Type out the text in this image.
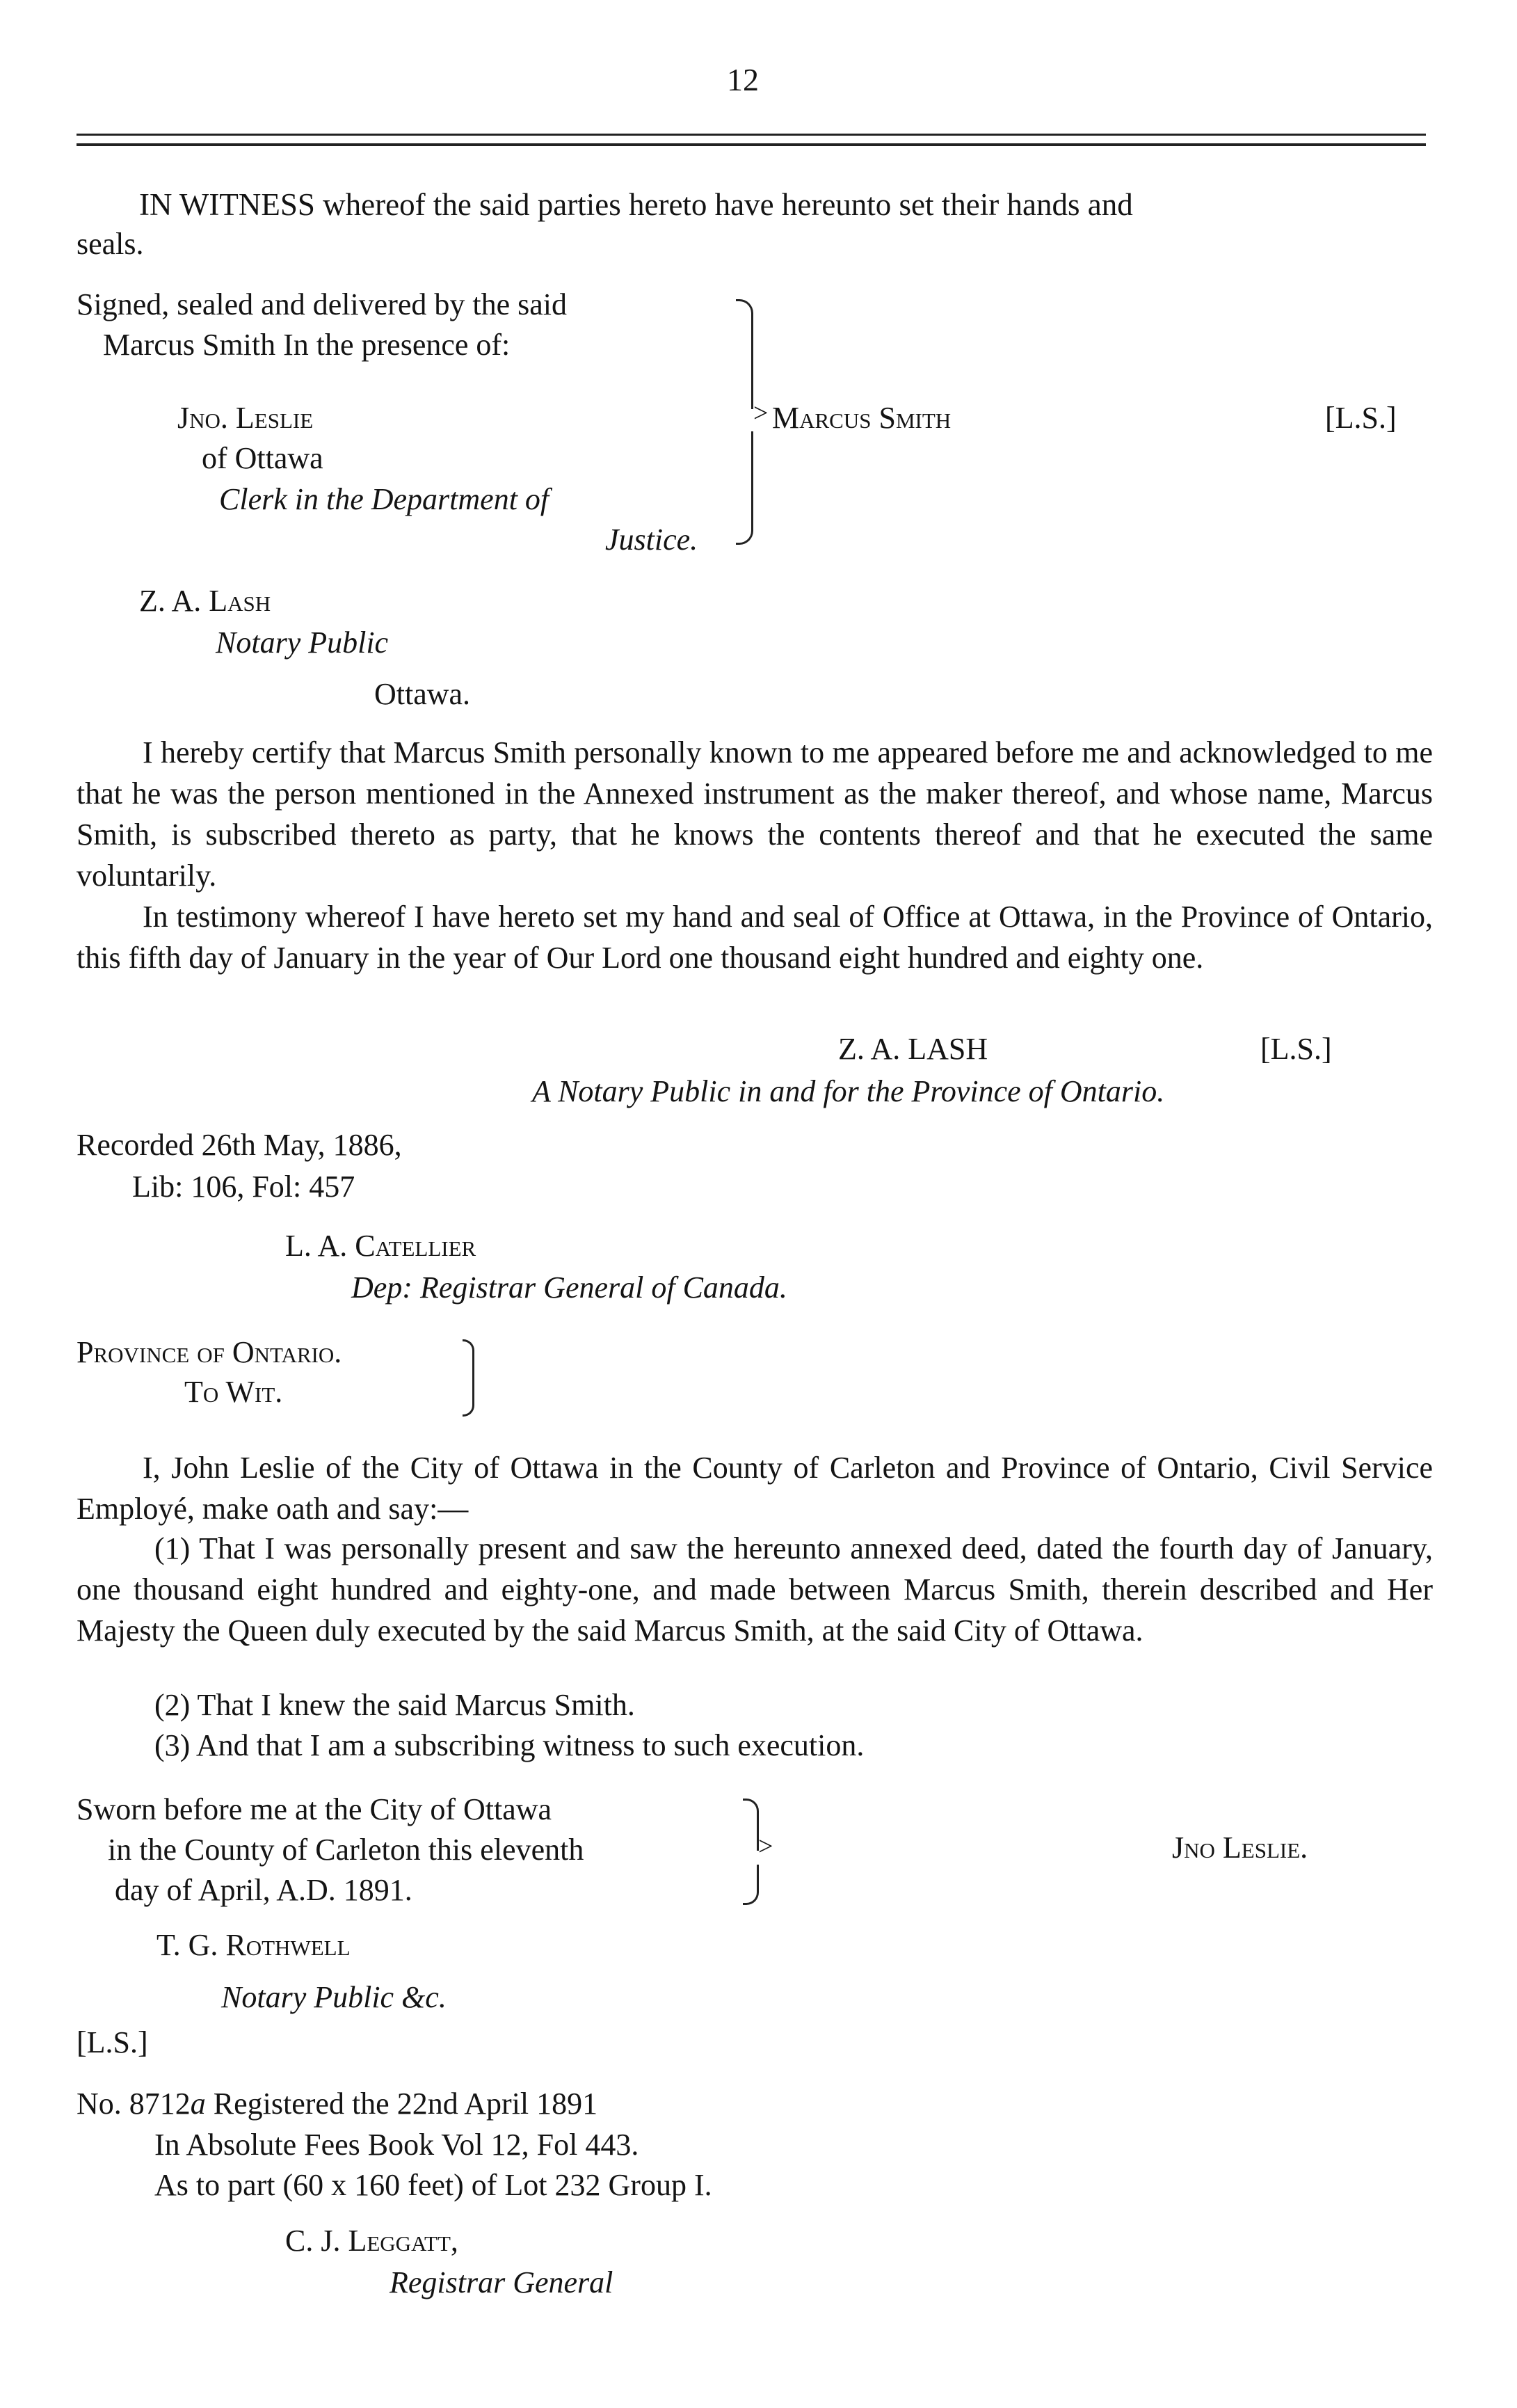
12
IN WITNESS whereof the said parties hereto have hereunto set their hands and
seals.
Signed, sealed and delivered by the said
Marcus Smith In the presence of:
Jno. Leslie
of Ottawa
Clerk in the Department of
Justice.
> Marcus Smith	[L.S.]
Z. A. Lash
Notary Public
Ottawa.
I hereby certify that Marcus Smith personally known to me appeared before me and acknowledged to me that he was the person mentioned in the Annexed instrument as the maker thereof, and whose name, Marcus Smith, is subscribed thereto as party, that he knows the contents thereof and that he executed the same voluntarily.
In testimony whereof I have hereto set my hand and seal of Office at Ottawa, in the Province of Ontario, this fifth day of January in the year of Our Lord one thousand eight hundred and eighty one.
Z. A. LASH	[L.S.]
A Notary Public in and for the Province of Ontario.
Recorded 26th May, 1886,
Lib: 106, Fol: 457
L. A. Catellier
Dep: Registrar General of Canada.
Province of Ontario.
To Wit.
I, John Leslie of the City of Ottawa in the County of Carleton and Province of Ontario, Civil Service Employé, make oath and say:—
(1) That I was personally present and saw the hereunto annexed deed, dated the fourth day of January, one thousand eight hundred and eighty-one, and made between Marcus Smith, therein described and Her Majesty the Queen duly executed by the said Marcus Smith, at the said City of Ottawa.
(2) That I knew the said Marcus Smith.
(3) And that I am a subscribing witness to such execution.
Sworn before me at the City of Ottawa
in the County of Carleton this eleventh
day of April, A.D. 1891.
>	Jno Leslie.
T. G. Rothwell
Notary Public &c.
[L.S.]
No. 8712a Registered the 22nd April 1891
In Absolute Fees Book Vol 12, Fol 443.
As to part (60 x 160 feet) of Lot 232 Group I.
C. J. Leggatt,
Registrar General
